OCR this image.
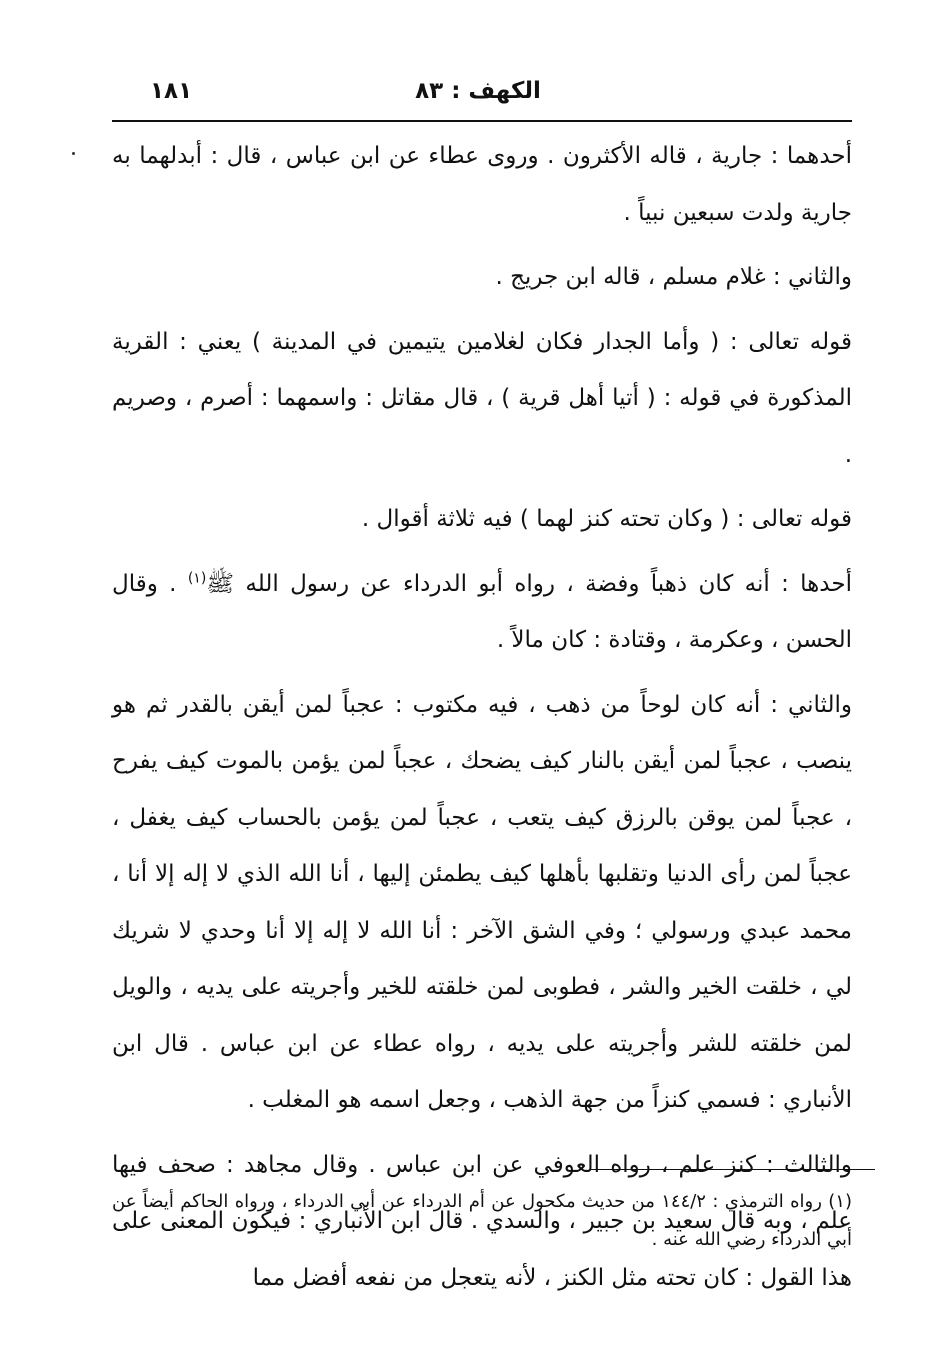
الكهف : ٨٣
١٨١

أحدهما : جارية ، قاله الأكثرون . وروى عطاء عن ابن عباس ، قال : أبدلهما به جارية ولدت سبعين نبياً .

والثاني : غلام مسلم ، قاله ابن جريج .

قوله تعالى : ( وأما الجدار فكان لغلامين يتيمين في المدينة ) يعني : القرية المذكورة في قوله : ( أتيا أهل قرية ) ، قال مقاتل : واسمهما : أصرم ، وصريم .

قوله تعالى : ( وكان تحته كنز لهما ) فيه ثلاثة أقوال .

أحدها : أنه كان ذهباً وفضة ، رواه أبو الدرداء عن رسول الله ﷺ$^{(١)}$ . وقال الحسن ، وعكرمة ، وقتادة : كان مالاً .

والثاني : أنه كان لوحاً من ذهب ، فيه مكتوب : عجباً لمن أيقن بالقدر ثم هو ينصب ، عجباً لمن أيقن بالنار كيف يضحك ، عجباً لمن يؤمن بالموت كيف يفرح ، عجباً لمن يوقن بالرزق كيف يتعب ، عجباً لمن يؤمن بالحساب كيف يغفل ، عجباً لمن رأى الدنيا وتقلبها بأهلها كيف يطمئن إليها ، أنا الله الذي لا إله إلا أنا ، محمد عبدي ورسولي ؛ وفي الشق الآخر : أنا الله لا إله إلا أنا وحدي لا شريك لي ، خلقت الخير والشر ، فطوبى لمن خلقته للخير وأجريته على يديه ، والويل لمن خلقته للشر وأجريته على يديه ، رواه عطاء عن ابن عباس . قال ابن الأنباري : فسمي كنزاً من جهة الذهب ، وجعل اسمه هو المغلب .

والثالث : كنز علم ، رواه العوفي عن ابن عباس . وقال مجاهد : صحف فيها علم ، وبه قال سعيد بن جبير ، والسدي . قال ابن الأنباري : فيكون المعنى على هذا القول : كان تحته مثل الكنز ، لأنه يتعجل من نفعه أفضل مما

(١) رواه الترمذي : ١٤٤/٢ من حديث مكحول عن أم الدرداء عن أبي الدرداء ، ورواه الحاكم أيضاً عن أبي الدرداء رضي الله عنه .
